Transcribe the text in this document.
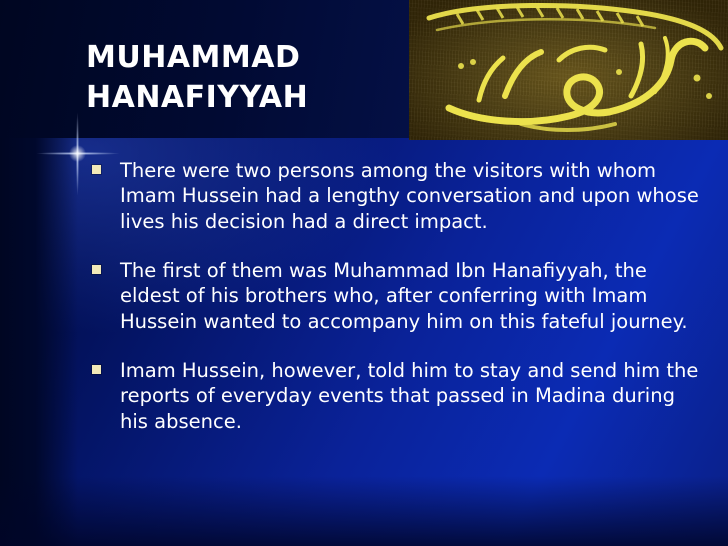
MUHAMMAD HANAFIYYAH
There were two persons among the visitors with whom Imam Hussein had a lengthy conversation and upon whose lives his decision had a direct impact.
The first of them was Muhammad Ibn Hanafiyyah, the eldest of his brothers who, after conferring with Imam Hussein wanted to accompany him on this fateful journey.
Imam Hussein, however, told him to stay and send him the reports of everyday events that passed in Madina during his absence.
